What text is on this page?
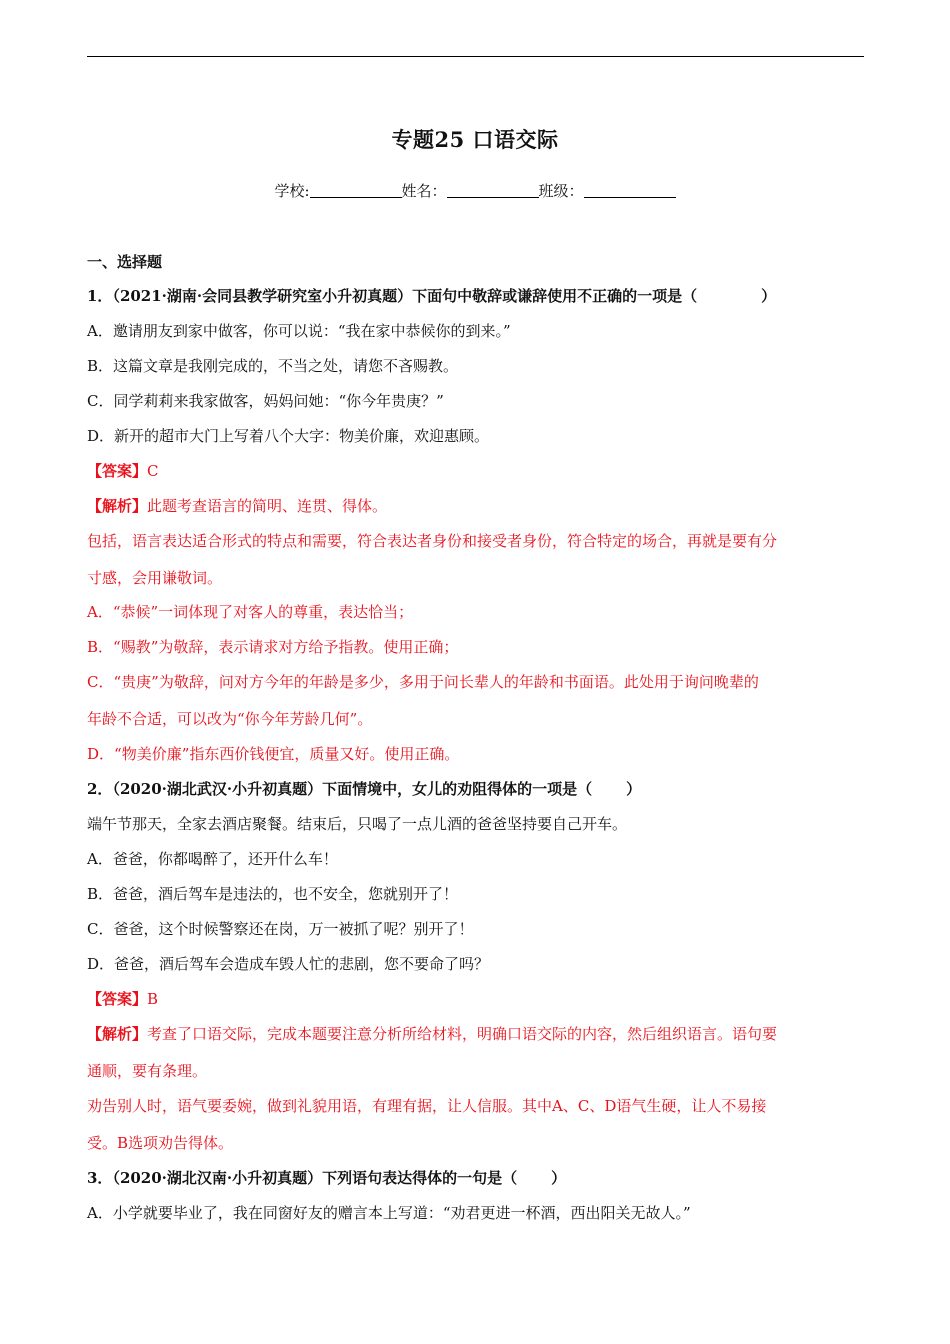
专题25 口语交际
学校:	姓名：	班级：
一、选择题
1．（2021·湖南·会同县教学研究室小升初真题）下面句中敬辞或谦辞使用不正确的一项是（	）
A．邀请朋友到家中做客，你可以说：“我在家中恭候你的到来。”
B．这篇文章是我刚完成的，不当之处，请您不吝赐教。
C．同学莉莉来我家做客，妈妈问她：“你今年贵庚？”
D．新开的超市大门上写着八个大字：物美价廉，欢迎惠顾。
【答案】C
【解析】此题考查语言的简明、连贯、得体。
包括，语言表达适合形式的特点和需要，符合表达者身份和接受者身份，符合特定的场合，再就是要有分
寸感，会用谦敬词。
A．“恭候”一词体现了对客人的尊重，表达恰当；
B．“赐教”为敬辞，表示请求对方给予指教。使用正确；
C．“贵庚”为敬辞，问对方今年的年龄是多少，多用于问长辈人的年龄和书面语。此处用于询问晚辈的
年龄不合适，可以改为“你今年芳龄几何”。
D．“物美价廉”指东西价钱便宜，质量又好。使用正确。
2．（2020·湖北武汉·小升初真题）下面情境中，女儿的劝阻得体的一项是（ ）
端午节那天，全家去酒店聚餐。结束后，只喝了一点儿酒的爸爸坚持要自己开车。
A．爸爸，你都喝醉了，还开什么车！
B．爸爸，酒后驾车是违法的，也不安全，您就别开了！
C．爸爸，这个时候警察还在岗，万一被抓了呢？别开了！
D．爸爸，酒后驾车会造成车毁人忙的悲剧，您不要命了吗？
【答案】B
【解析】考查了口语交际，完成本题要注意分析所给材料，明确口语交际的内容，然后组织语言。语句要
通顺，要有条理。
劝告别人时，语气要委婉，做到礼貌用语，有理有据，让人信服。其中A、C、D语气生硬，让人不易接
受。B选项劝告得体。
3．（2020·湖北汉南·小升初真题）下列语句表达得体的一句是（ ）
A．小学就要毕业了，我在同窗好友的赠言本上写道：“劝君更进一杯酒，西出阳关无故人。”
